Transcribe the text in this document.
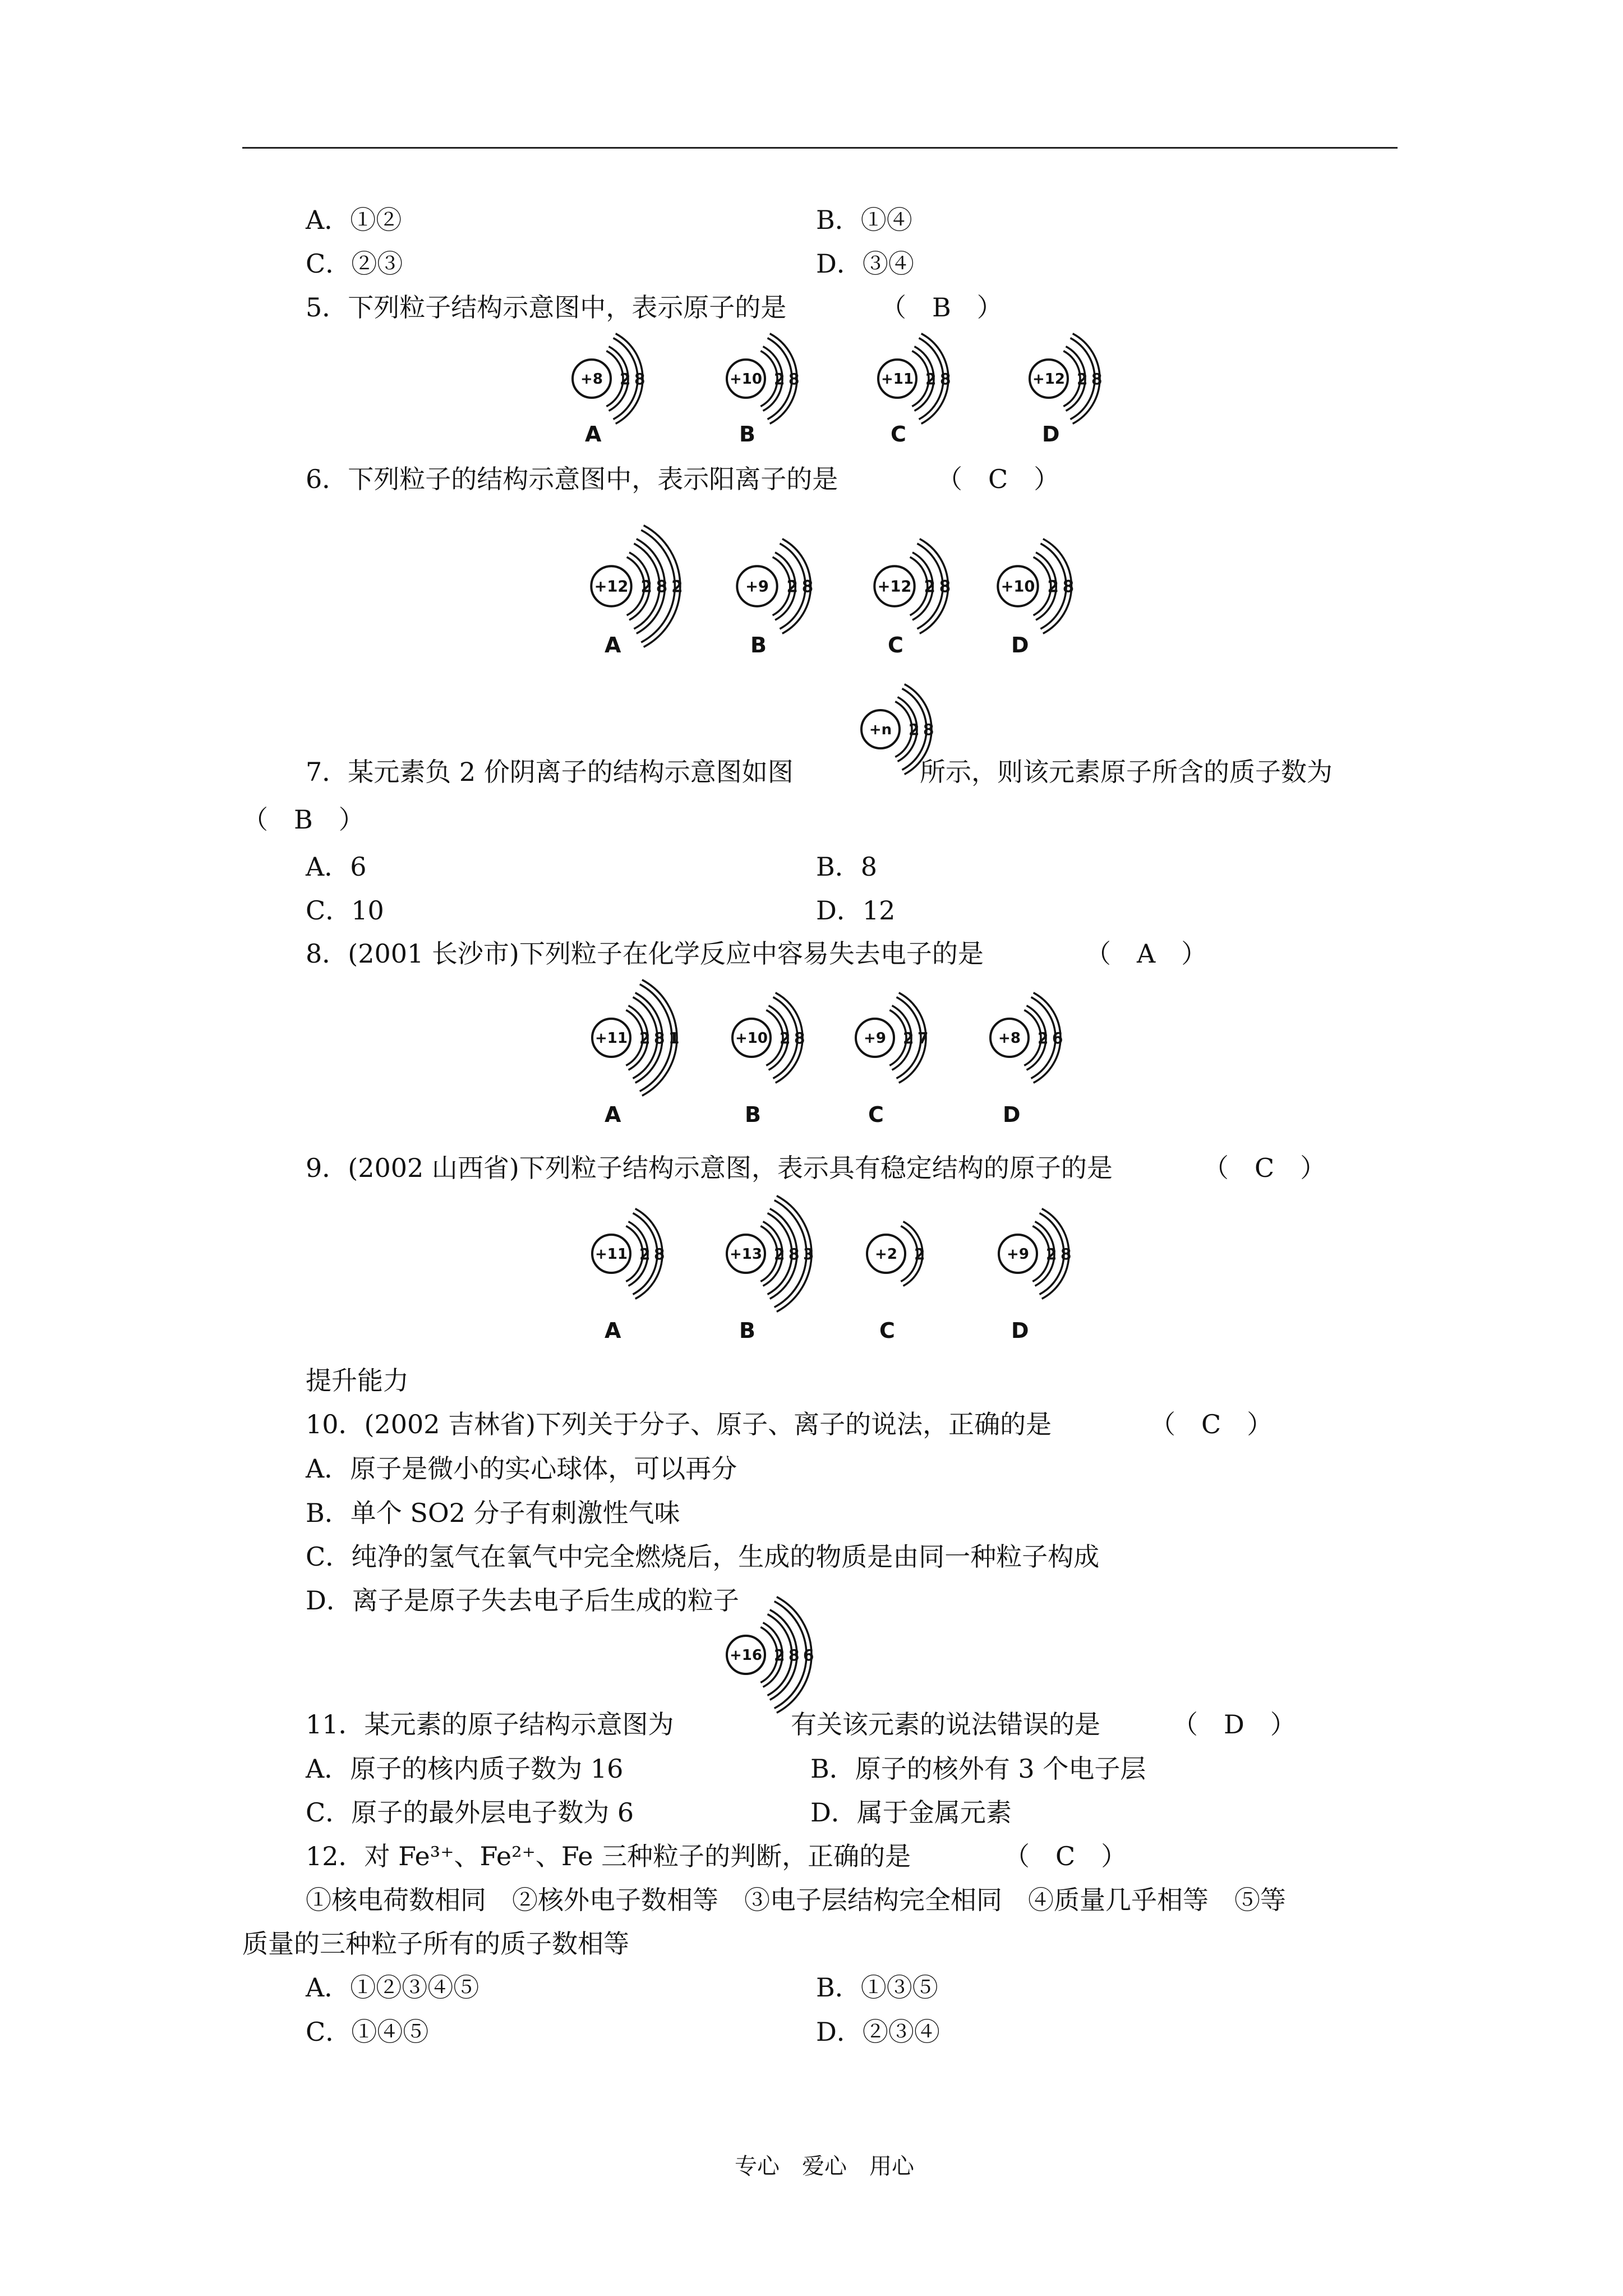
A．①②	B．①④
C．②③	D．③④
5．下列粒子结构示意图中，表示原子的是	（　B　）
6．下列粒子的结构示意图中，表示阳离子的是	（　C　）
7．某元素负 2 价阴离子的结构示意图如图	所示，则该元素原子所含的质子数为
（　B　）
A．6	B．8
C．10	D．12
8．(2001 长沙市)下列粒子在化学反应中容易失去电子的是	（　A　）
9．(2002 山西省)下列粒子结构示意图，表示具有稳定结构的原子的是	（　C　）
提升能力
10．(2002 吉林省)下列关于分子、原子、离子的说法，正确的是	（　C　）
A．原子是微小的实心球体，可以再分
B．单个 SO2 分子有刺激性气味
C．纯净的氢气在氧气中完全燃烧后，生成的物质是由同一种粒子构成
D．离子是原子失去电子后生成的粒子
11．某元素的原子结构示意图为	有关该元素的说法错误的是	（　D　）
A．原子的核内质子数为 16	B．原子的核外有 3 个电子层
C．原子的最外层电子数为 6	D．属于金属元素
12．对 Fe³⁺、Fe²⁺、Fe 三种粒子的判断，正确的是	（　C　）
①核电荷数相同　②核外电子数相等　③电子层结构完全相同　④质量几乎相等　⑤等
质量的三种粒子所有的质子数相等
A．①②③④⑤	B．①③⑤
C．①④⑤	D．②③④
专心　爱心　用心
+8 2 8
A
+10 2 8
B
+11 2 8
C
+12 2 8
D
+12 2 8 2
A
+9 2 8
B
+12 2 8
C
+10 2 8
D
+11 2 8 1
A
+10 2 8
B
+9 2 7
C
+8 2 6
D
+11 2 8
A
+13 2 8 3
B
+2 2
C
+9 2 8
D
+n 2 8
+16 2 8 6
